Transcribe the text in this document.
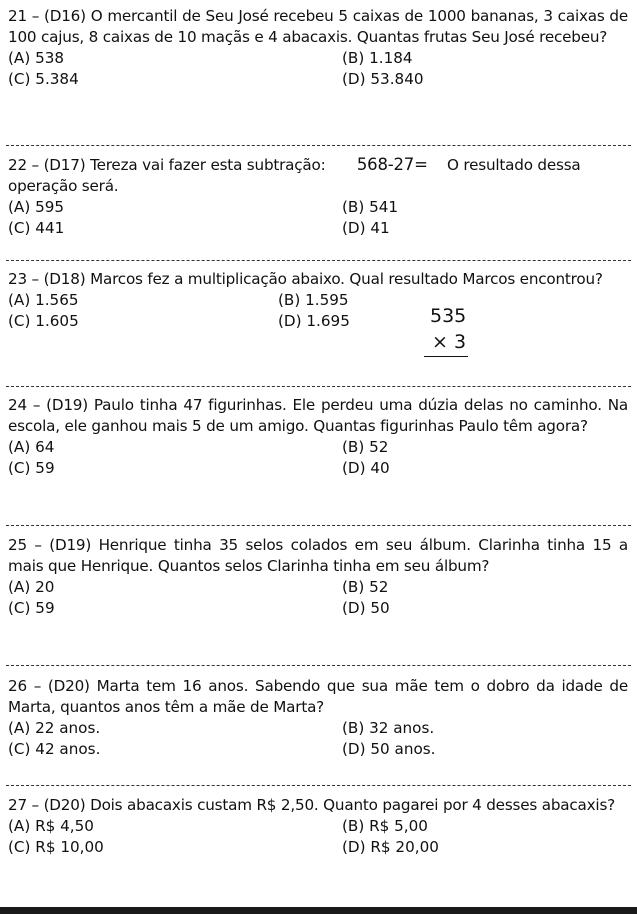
21 – (D16) O mercantil de Seu José recebeu 5 caixas de 1000 bananas, 3 caixas de 100 cajus, 8 caixas de 10 maçãs e 4 abacaxis. Quantas frutas Seu José recebeu?

(A) 538	(B) 1.184
(C) 5.384	(D) 53.840

22 – (D17) Tereza vai fazer esta subtração: 568-27= O resultado dessa operação será.

(A) 595	(B) 541
(C) 441	(D) 41

23 – (D18) Marcos fez a multiplicação abaixo. Qual resultado Marcos encontrou?

(A) 1.565	(B) 1.595
(C) 1.605	(D) 1.695	535
× 3

24 – (D19) Paulo tinha 47 figurinhas. Ele perdeu uma dúzia delas no caminho. Na escola, ele ganhou mais 5 de um amigo. Quantas figurinhas Paulo têm agora?

(A) 64	(B) 52
(C) 59	(D) 40

25 – (D19) Henrique tinha 35 selos colados em seu álbum. Clarinha tinha 15 a mais que Henrique. Quantos selos Clarinha tinha em seu álbum?

(A) 20	(B) 52
(C) 59	(D) 50

26 – (D20) Marta tem 16 anos. Sabendo que sua mãe tem o dobro da idade de Marta, quantos anos têm a mãe de Marta?

(A) 22 anos.	(B) 32 anos.
(C) 42 anos.	(D) 50 anos.

27 – (D20) Dois abacaxis custam R$ 2,50. Quanto pagarei por 4 desses abacaxis?

(A) R$ 4,50	(B) R$ 5,00
(C) R$ 10,00	(D) R$ 20,00
